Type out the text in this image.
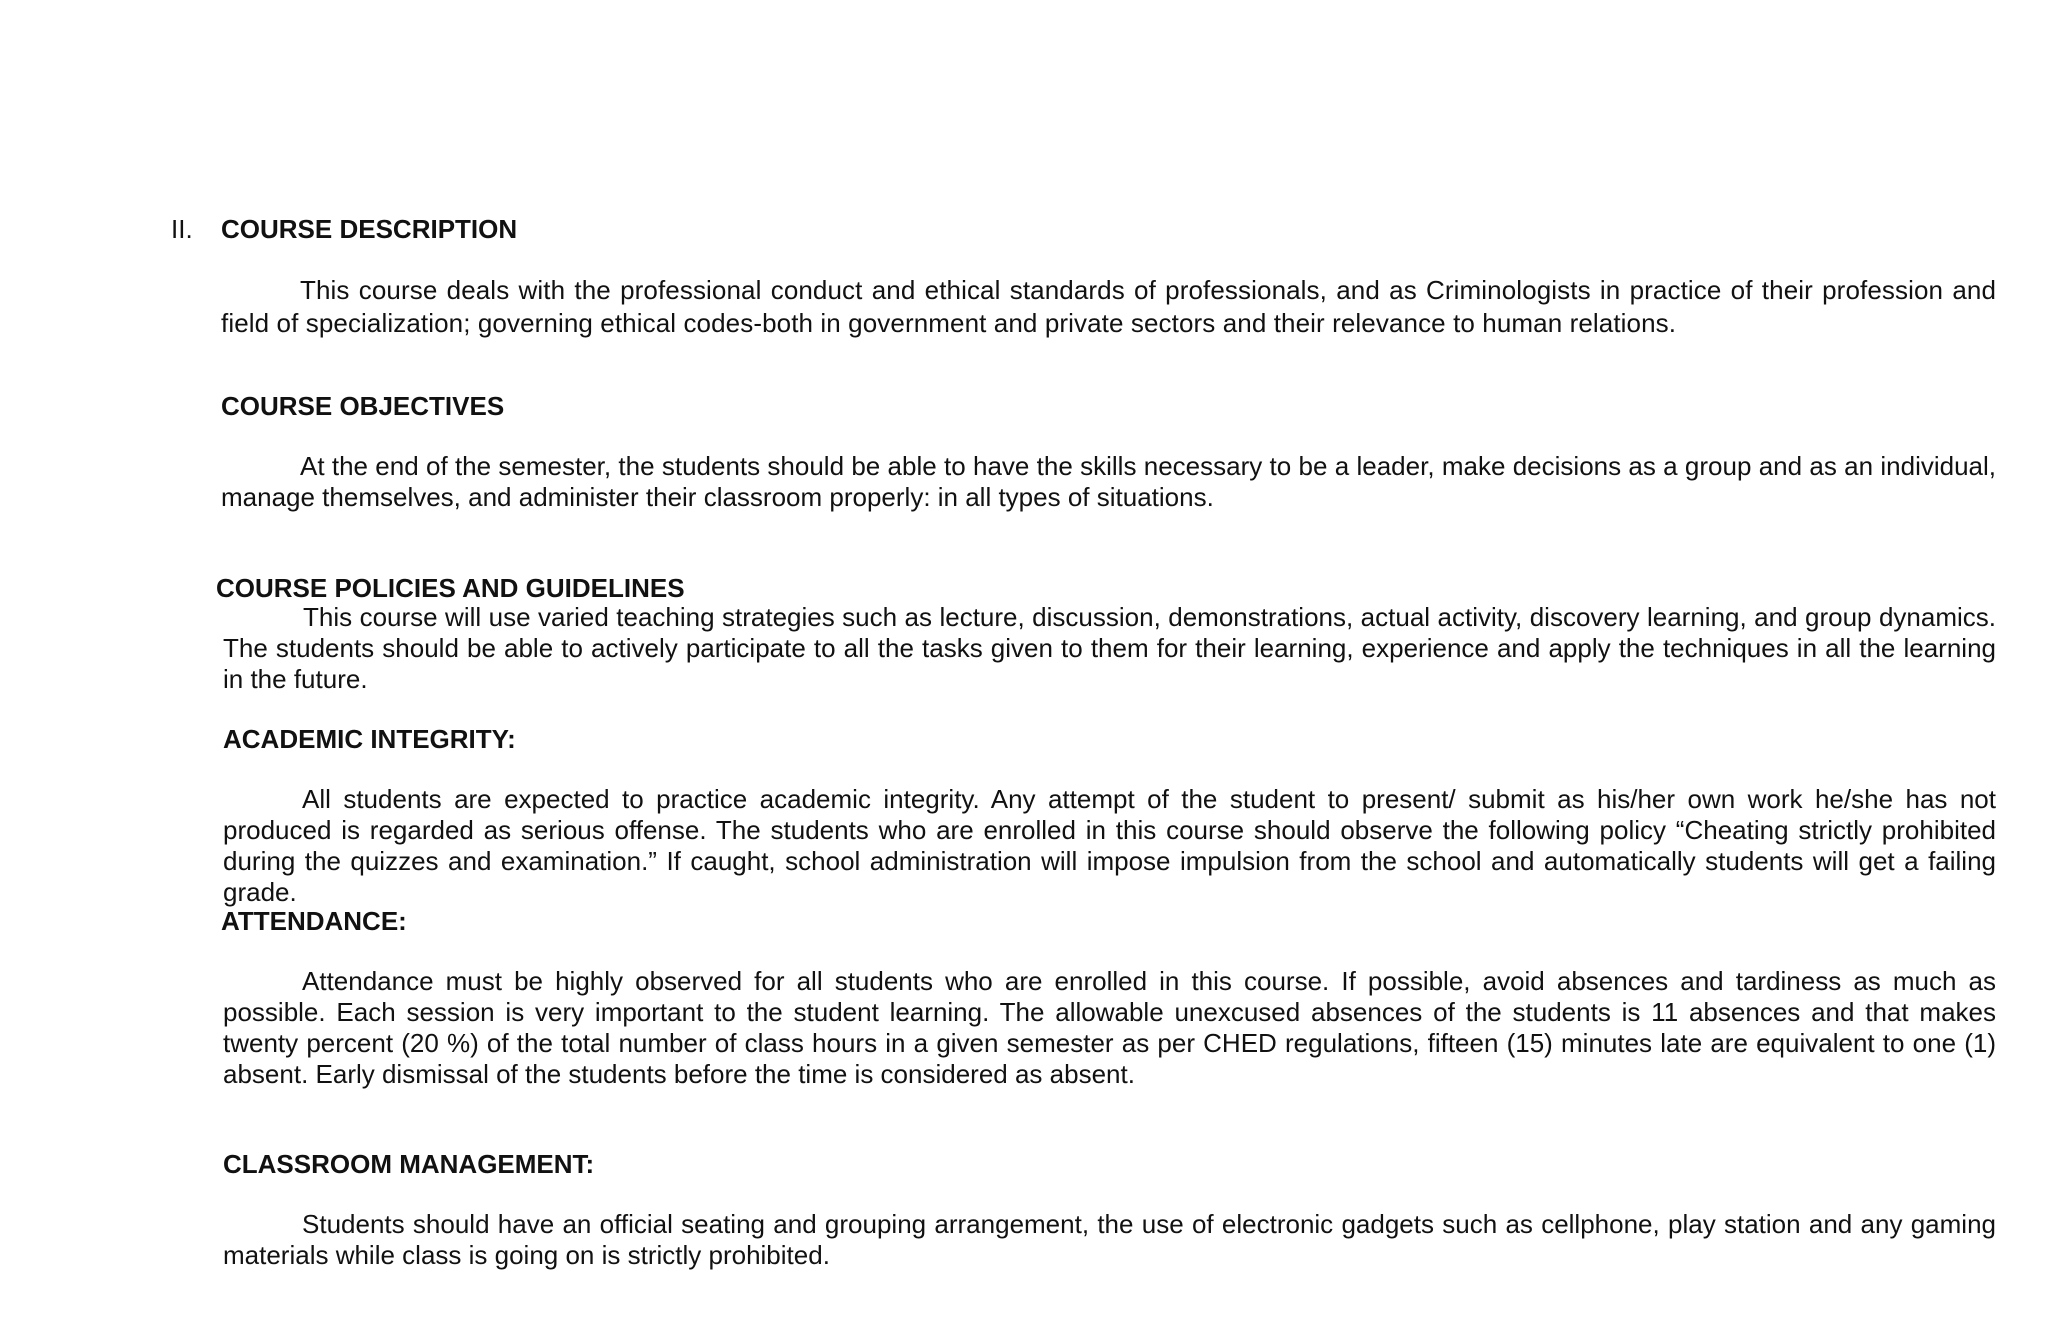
II. COURSE DESCRIPTION

This course deals with the professional conduct and ethical standards of professionals, and as Criminologists in practice of their profession and field of specialization; governing ethical codes-both in government and private sectors and their relevance to human relations.

COURSE OBJECTIVES

At the end of the semester, the students should be able to have the skills necessary to be a leader, make decisions as a group and as an individual, manage themselves, and administer their classroom properly: in all types of situations.

COURSE POLICIES AND GUIDELINES

This course will use varied teaching strategies such as lecture, discussion, demonstrations, actual activity, discovery learning, and group dynamics. The students should be able to actively participate to all the tasks given to them for their learning, experience and apply the techniques in all the learning in the future.

ACADEMIC INTEGRITY:

All students are expected to practice academic integrity. Any attempt of the student to present/ submit as his/her own work he/she has not produced is regarded as serious offense. The students who are enrolled in this course should observe the following policy “Cheating strictly prohibited during the quizzes and examination.” If caught, school administration will impose impulsion from the school and automatically students will get a failing grade.

ATTENDANCE:

Attendance must be highly observed for all students who are enrolled in this course. If possible, avoid absences and tardiness as much as possible. Each session is very important to the student learning. The allowable unexcused absences of the students is 11 absences and that makes twenty percent (20 %) of the total number of class hours in a given semester as per CHED regulations, fifteen (15) minutes late are equivalent to one (1) absent. Early dismissal of the students before the time is considered as absent.

CLASSROOM MANAGEMENT:

Students should have an official seating and grouping arrangement, the use of electronic gadgets such as cellphone, play station and any gaming materials while class is going on is strictly prohibited.
